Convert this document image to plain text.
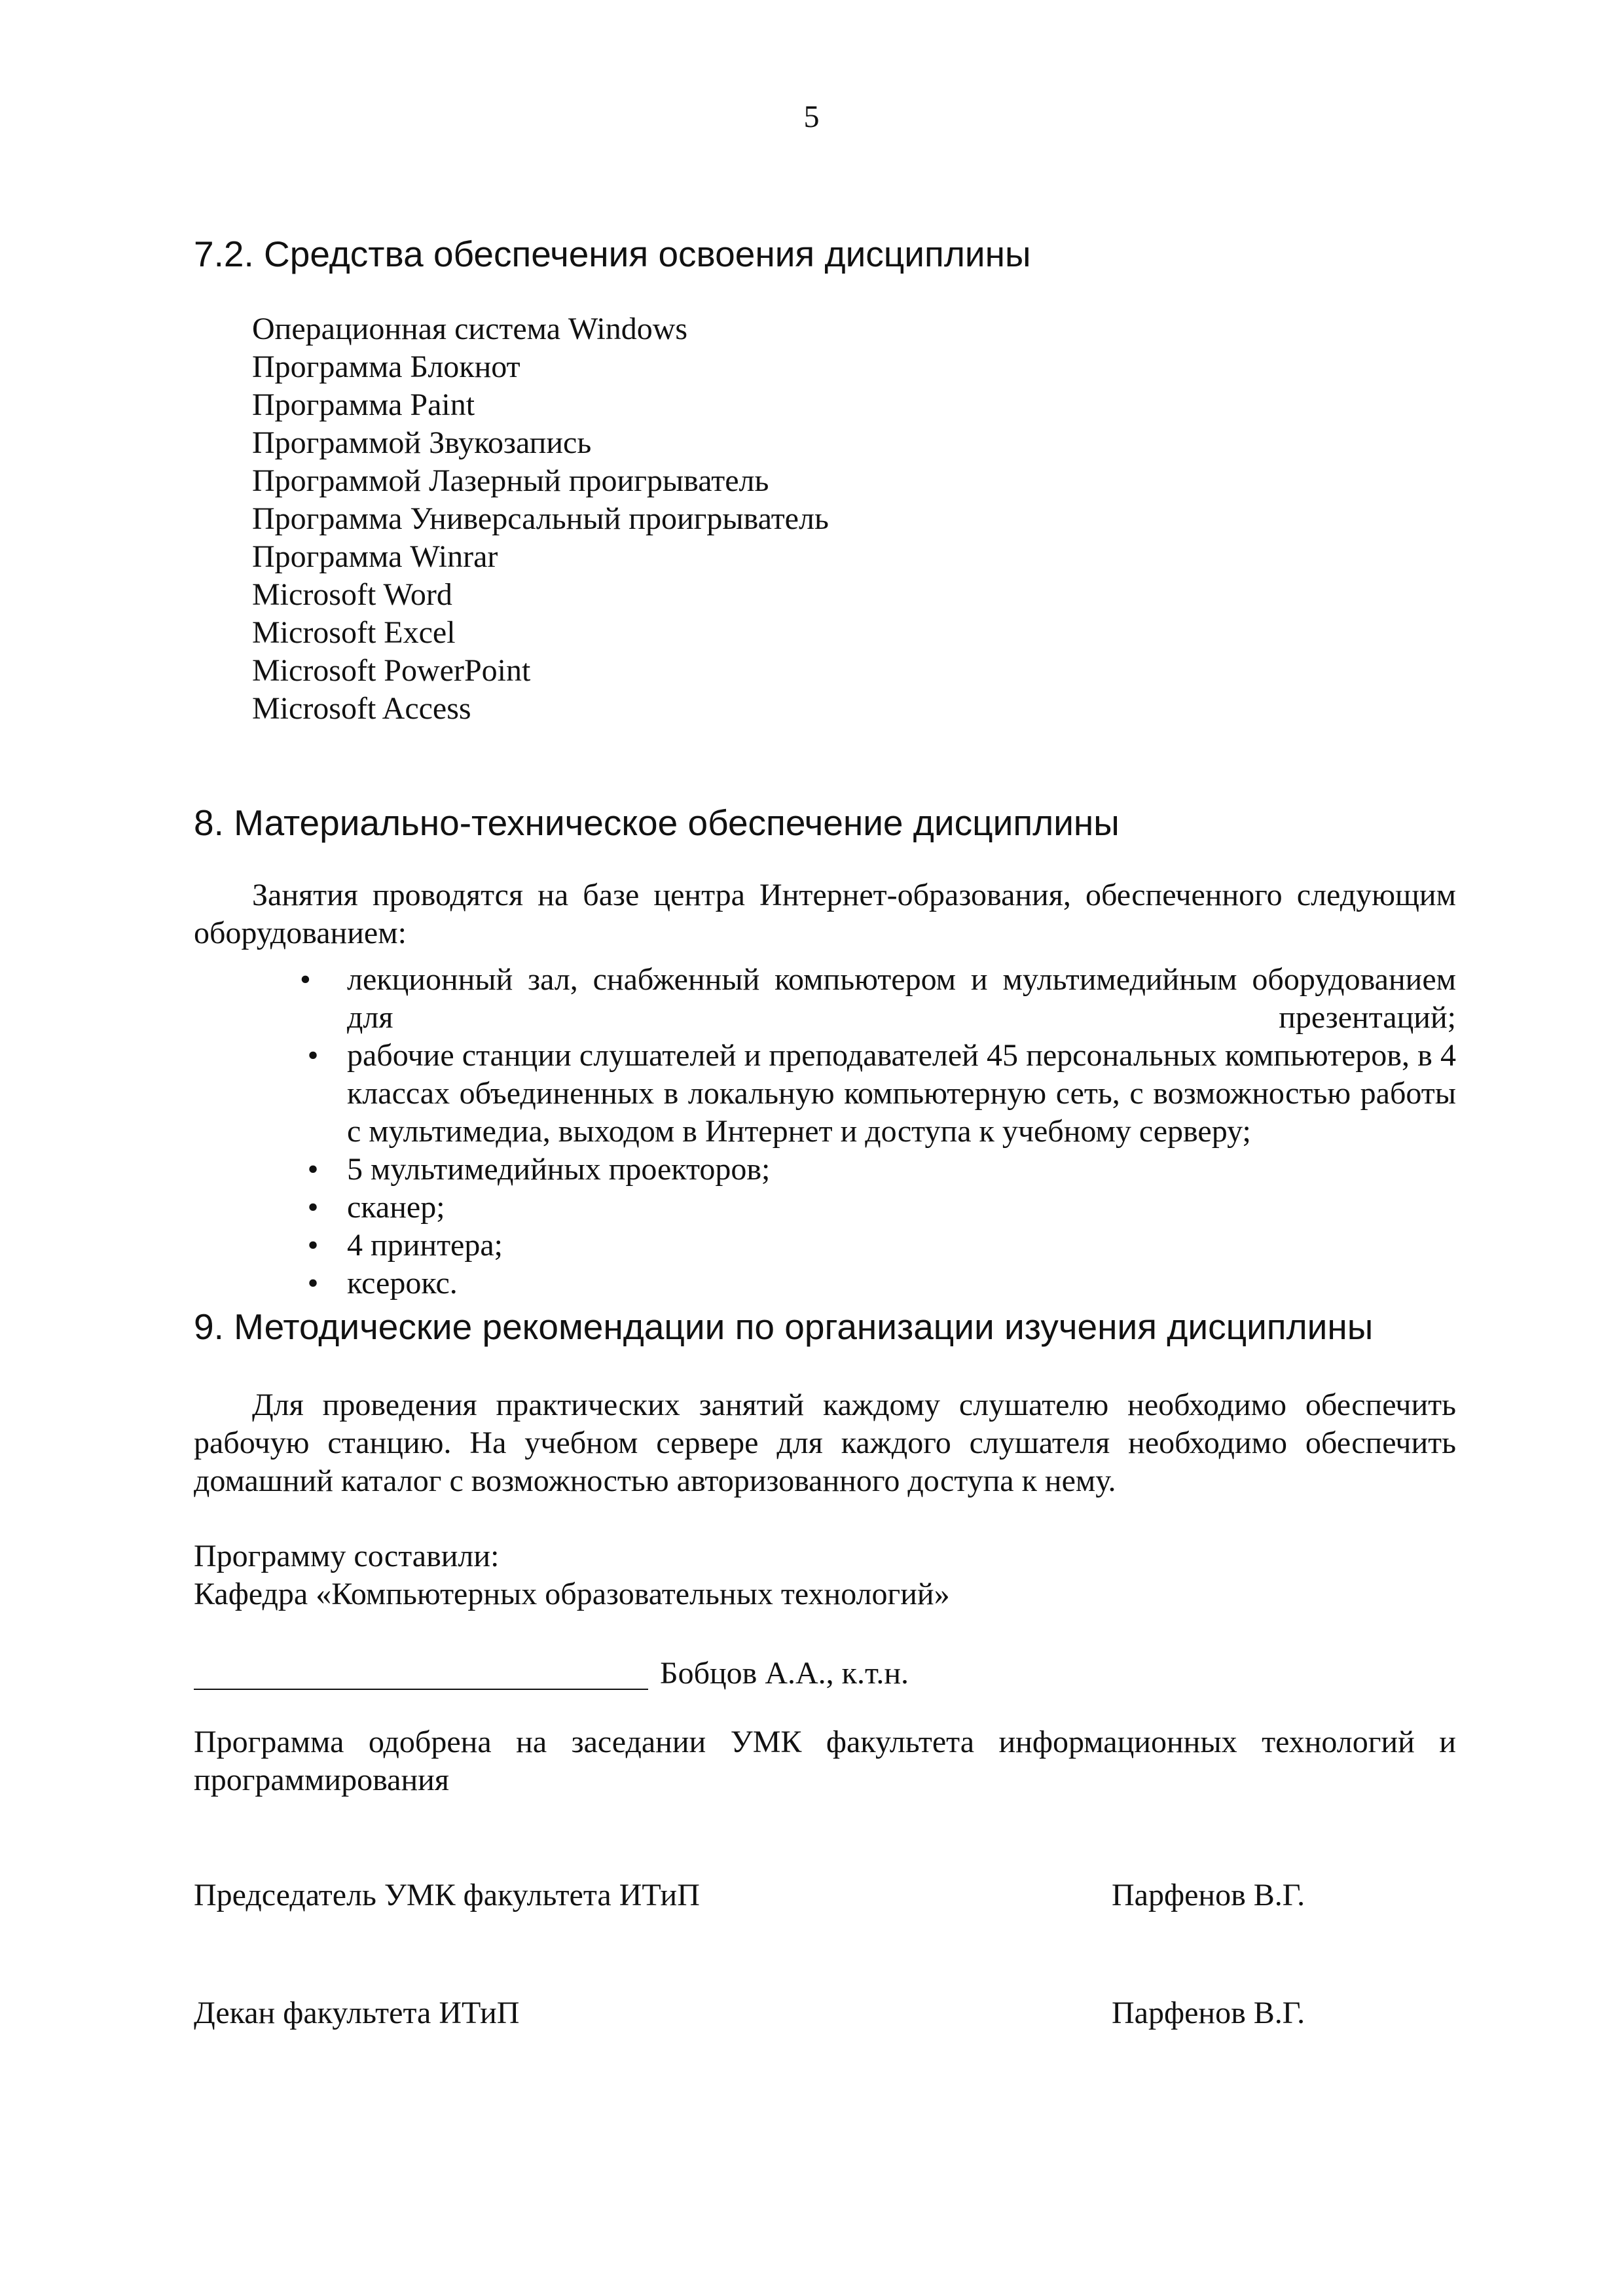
5
7.2. Средства обеспечения освоения дисциплины
Операционная система Windows
Программа Блокнот
Программа Paint
Программой Звукозапись
Программой Лазерный проигрыватель
Программа Универсальный проигрыватель
Программа Winrar
Microsoft Word
Microsoft Excel
Microsoft PowerPoint
Microsoft Access
8. Материально-техническое обеспечение дисциплины

Занятия проводятся на базе центра Интернет-образования, обеспеченного следующим оборудованием:

•	лекционный зал, снабженный компьютером и мультимедийным оборудованием для презентаций;
• рабочие станции слушателей и преподавателей 45 персональных компьютеров, в 4 классах объединенных в локальную компьютерную сеть, с возможностью работы с мультимедиа, выходом в Интернет и доступа к учебному серверу;
• 5 мультимедийных проекторов;
• сканер;
• 4 принтера;
• ксерокс.
9. Методические рекомендации по организации изучения дисциплины

Для проведения практических занятий каждому слушателю необходимо обеспечить рабочую станцию. На учебном сервере для каждого слушателя необходимо обеспечить домашний каталог с возможностью авторизованного доступа к нему.

Программу составили:

Кафедра «Компьютерных образовательных технологий»

Бобцов А.А., к.т.н.

Программа одобрена на заседании УМК факультета информационных технологий и программирования

Председатель УМК факультета ИТиП	Парфенов В.Г.

Декан факультета ИТиП	Парфенов В.Г.
